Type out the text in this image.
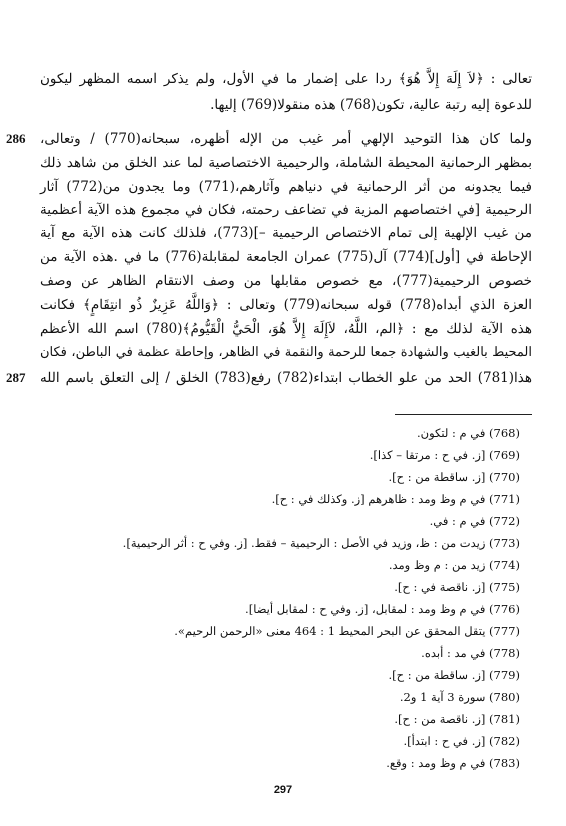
تعالى : ﴿لاَ إِلَهَ إِلاَّ هُوَ﴾ ردا على إضمار ما في الأول، ولم يذكر اسمه المظهر ليكون
للدعوة إليه رتبة عالية، تكون(768) هذه منقولا(769) إليها.
286	ولما كان هذا التوحيد الإلهي أمر غيب من الإله أظهره، سبحانه(770) / وتعالى،
بمظهر الرحمانية المحيطة الشاملة، والرحيمية الاختصاصية لما عند الخلق من شاهد ذلك
فيما يجدونه من أثر الرحمانية في دنياهم وآثارهم،(771) وما يجدون من(772) آثار
الرحيمية [في اختصاصهم المزية في تضاعف رحمته، فكان في مجموع هذه الآية أعظمية
من غيب الإلهية إلى تمام الاختصاص الرحيمية –](773)، فلذلك كانت هذه الآية مع آية
الإحاطة في [أول](774) آل(775) عمران الجامعة لمقابلة(776) ما في .هذه الآية من
خصوص الرحيمية(777)، مع خصوص مقابلها من وصف الانتقام الظاهر عن وصف
العزة الذي أبداه(778) قوله سبحانه(779) وتعالى : ﴿وَاللَّهُ عَزِيزٌ ذُو انتِقَامٍ﴾ فكانت
هذه الآية لذلك مع : ﴿الم، اللَّهُ، لاَإِلَهَ إِلاَّ هُوَ، الْحَيُّ الْقَيُّومُ﴾(780) اسم الله الأعظم
المحيط بالغيب والشهادة جمعا للرحمة والنقمة في الظاهر، وإحاطة عظمة في الباطن، فكان
287	هذا(781) الحد من علو الخطاب ابتداء(782) رفع(783) الخلق / إلى التعلق باسم الله
(768) في م : لتكون.
(769) [ز. في ح : مرتقا – كذا].
(770) [ز. ساقطة من : ح].
(771) في م وظ ومد : ظاهرهم [ز. وكذلك في : ح].
(772) في م : في.
(773) زيدت من : ظ، وزيد في الأصل : الرحيمية – فقط. [ز. وفي ح : أثر الرحيمية].
(774) زيد من : م وظ ومد.
(775) [ز. ناقصة في : ح].
(776) في م وظ ومد : لمقابل، [ز. وفي ح : لمقابل أيضا].
(777) يتقل المحقق عن البحر المحيط 1 : 464 معنى «الرحمن الرحيم».
(778) في مد : أبده.
(779) [ز. ساقطة من : ح].
(780) سورة 3 آية 1 و2.
(781) [ز. ناقصة من : ح].
(782) [ز. في ح : ابتدأ].
(783) في م وظ ومد : وقع.
297
